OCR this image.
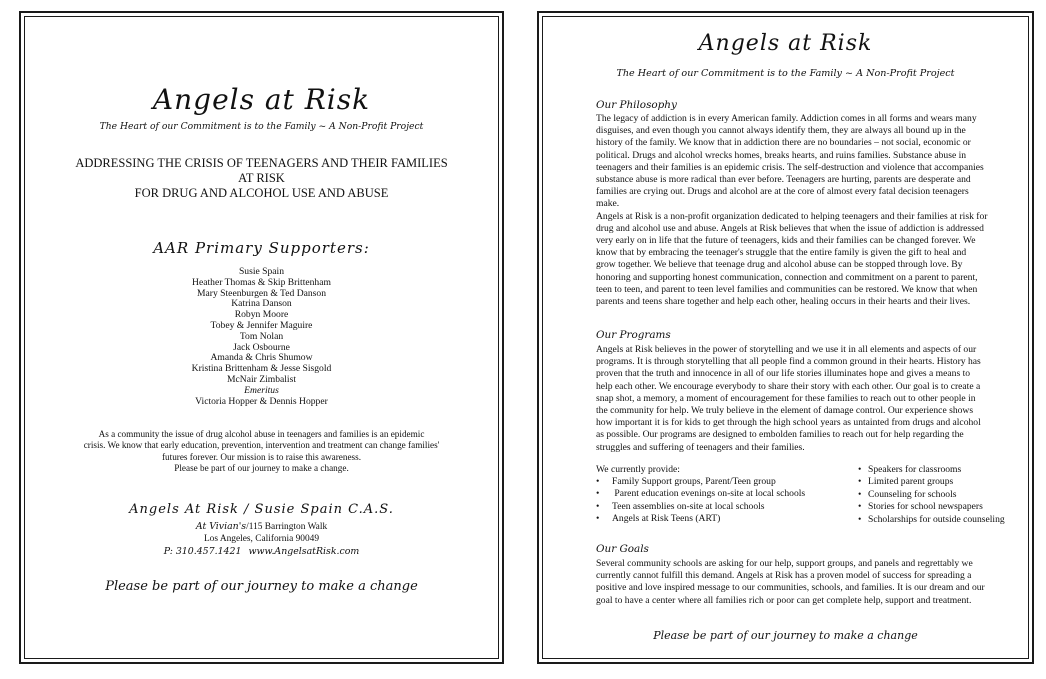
Angels at Risk
The Heart of our Commitment is to the Family ~ A Non-Profit Project
ADDRESSING THE CRISIS OF TEENAGERS AND THEIR FAMILIES
AT RISK
FOR DRUG AND ALCOHOL USE AND ABUSE
AAR Primary Supporters:
Susie Spain
Heather Thomas & Skip Brittenham
Mary Steenburgen & Ted Danson
Katrina Danson
Robyn Moore
Tobey & Jennifer Maguire
Tom Nolan
Jack Osbourne
Amanda & Chris Shumow
Kristina Brittenham & Jesse Sisgold
McNair Zimbalist
Emeritus
Victoria Hopper & Dennis Hopper
As a community the issue of drug alcohol abuse in teenagers and families is an epidemic
crisis. We know that early education, prevention, intervention and treatment can change families'
futures forever. Our mission is to raise this awareness.
Please be part of our journey to make a change.
Angels At Risk / Susie Spain C.A.S.
At Vivian's/115 Barrington Walk
Los Angeles, California 90049
P: 310.457.1421 www.AngelsatRisk.com
Please be part of our journey to make a change
Angels at Risk
The Heart of our Commitment is to the Family ~ A Non-Profit Project
Our Philosophy
The legacy of addiction is in every American family. Addiction comes in all forms and wears many disguises, and even though you cannot always identify them, they are always all bound up in the history of the family. We know that in addiction there are no boundaries – not social, economic or political. Drugs and alcohol wrecks homes, breaks hearts, and ruins families. Substance abuse in teenagers and their families is an epidemic crisis. The self-destruction and violence that accompanies substance abuse is more radical than ever before. Teenagers are hurting, parents are desperate and families are crying out. Drugs and alcohol are at the core of almost every fatal decision teenagers make.
Angels at Risk is a non-profit organization dedicated to helping teenagers and their families at risk for drug and alcohol use and abuse. Angels at Risk believes that when the issue of addiction is addressed very early on in life that the future of teenagers, kids and their families can be changed forever. We know that by embracing the teenager's struggle that the entire family is given the gift to heal and grow together. We believe that teenage drug and alcohol abuse can be stopped through love. By honoring and supporting honest communication, connection and commitment on a parent to parent, teen to teen, and parent to teen level families and communities can be restored. We know that when parents and teens share together and help each other, healing occurs in their hearts and their lives.
Our Programs
Angels at Risk believes in the power of storytelling and we use it in all elements and aspects of our programs. It is through storytelling that all people find a common ground in their hearts. History has proven that the truth and innocence in all of our life stories illuminates hope and gives a means to help each other. We encourage everybody to share their story with each other. Our goal is to create a snap shot, a memory, a moment of encouragement for these families to reach out to other people in the community for help. We truly believe in the element of damage control. Our experience shows how important it is for kids to get through the high school years as untainted from drugs and alcohol as possible. Our programs are designed to embolden families to reach out for help regarding the struggles and suffering of teenagers and their families.
We currently provide:
• Family Support groups, Parent/Teen group
• Parent education evenings on-site at local schools
• Teen assemblies on-site at local schools
• Angels at Risk Teens (ART)
• Speakers for classrooms
• Limited parent groups
• Counseling for schools
• Stories for school newspapers
• Scholarships for outside counseling
Our Goals
Several community schools are asking for our help, support groups, and panels and regrettably we currently cannot fulfill this demand. Angels at Risk has a proven model of success for spreading a positive and love inspired message to our communities, schools, and families. It is our dream and our goal to have a center where all families rich or poor can get complete help, support and treatment.
Please be part of our journey to make a change
